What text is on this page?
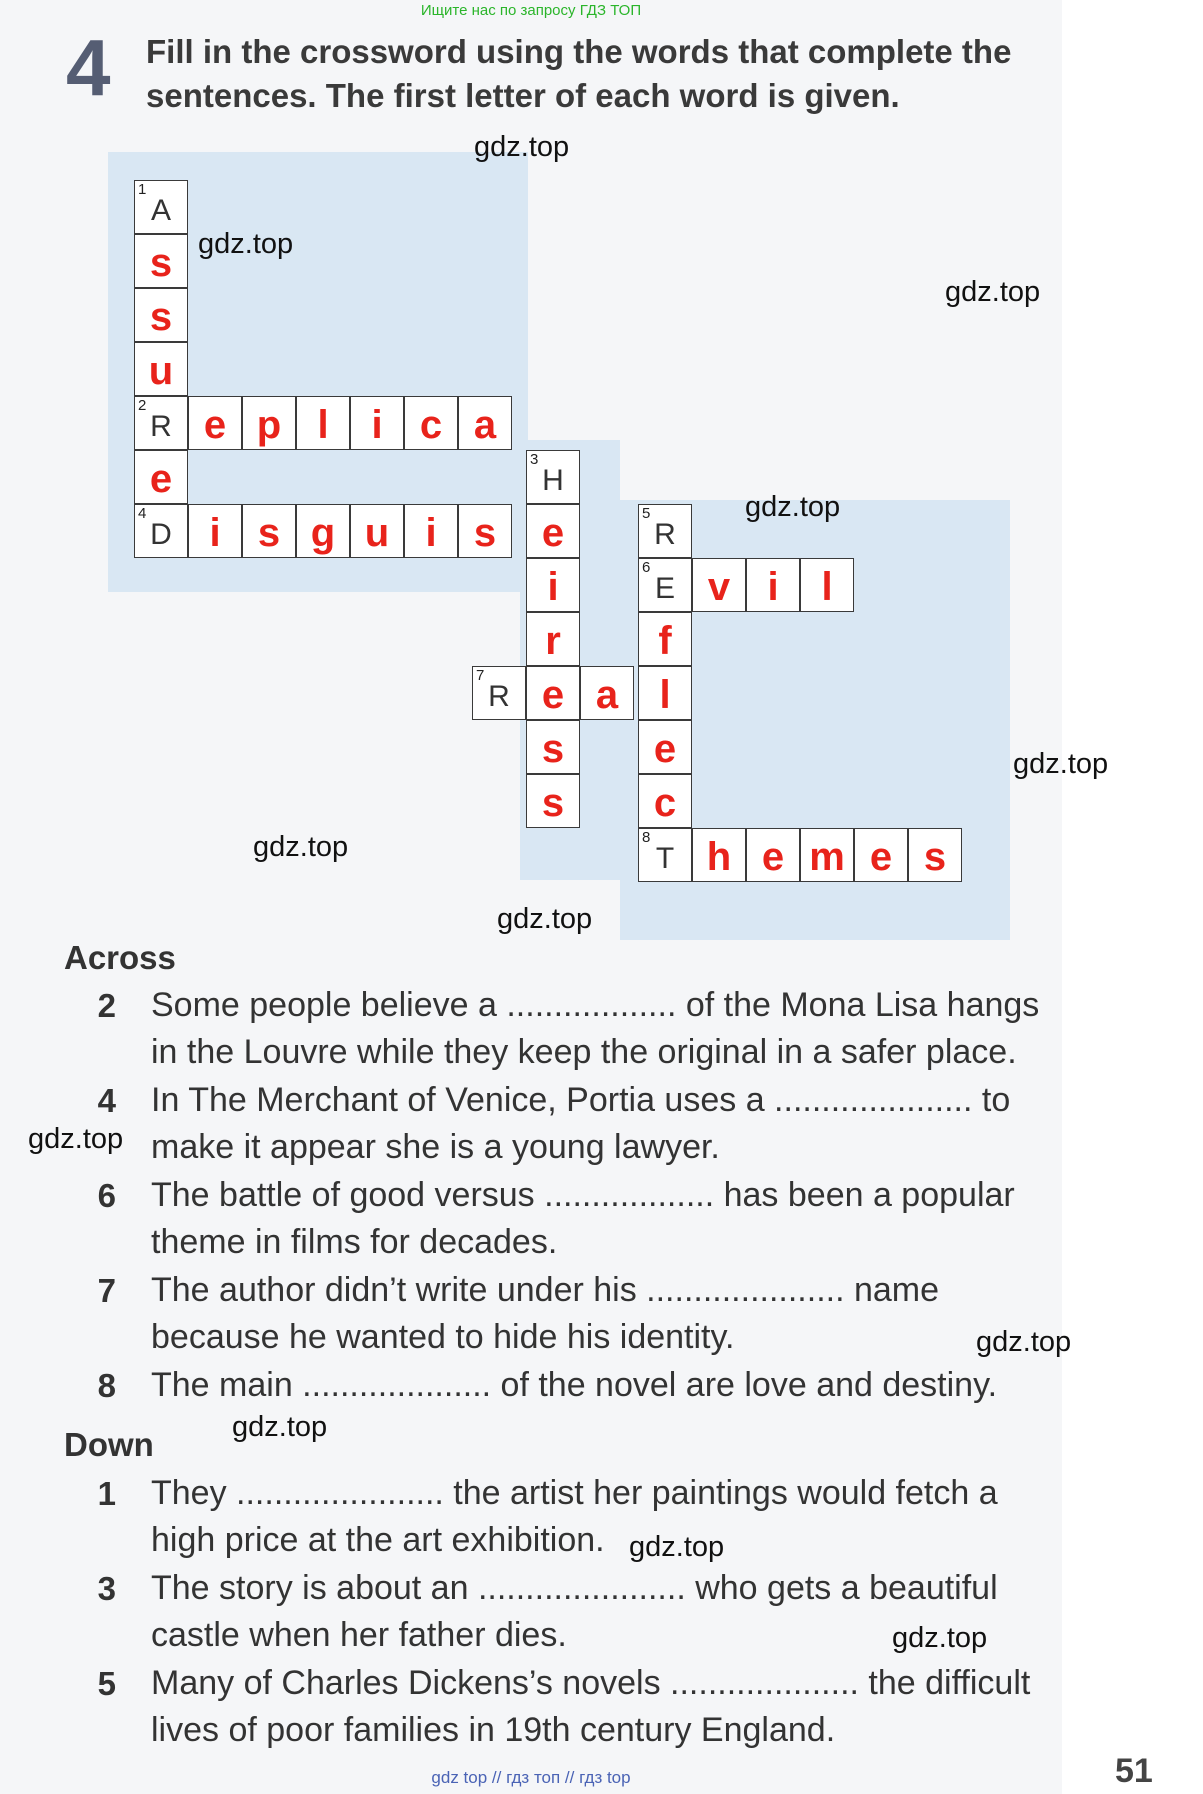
Ищите нас по запросу ГДЗ ТОП
4 Fill in the crossword using the words that complete the sentences. The first letter of each word is given.
1
A
s
s
u
2
R e p l	i c a
e	3
H
4
D i s g u i s	e	5
R
i
r
6
E v i	l
f
7
R e a	l
s	e
s	c
8
T h e m e s
Across
2 Some people believe a .................. of the Mona Lisa hangs in the Louvre while they keep the original in a safer place.
4 In The Merchant of Venice, Portia uses a ..................... to make it appear she is a young lawyer.
6 The battle of good versus .................. has been a popular theme in films for decades.
7 The author didn’t write under his ..................... name because he wanted to hide his identity.
8 The main .................... of the novel are love and destiny.
Down
1 They ...................... the artist her paintings would fetch a high price at the art exhibition.
3 The story is about an ...................... who gets a beautiful castle when her father dies.
5 Many of Charles Dickens’s novels .................... the difficult lives of poor families in 19th century England.
gdz.top
gdz.top
gdz.top
gdz.top
gdz.top
gdz.top
gdz.top
gdz.top
gdz.top
gdz.top
gdz.top
gdz.top
51
gdz top // гдз топ // гдз top
